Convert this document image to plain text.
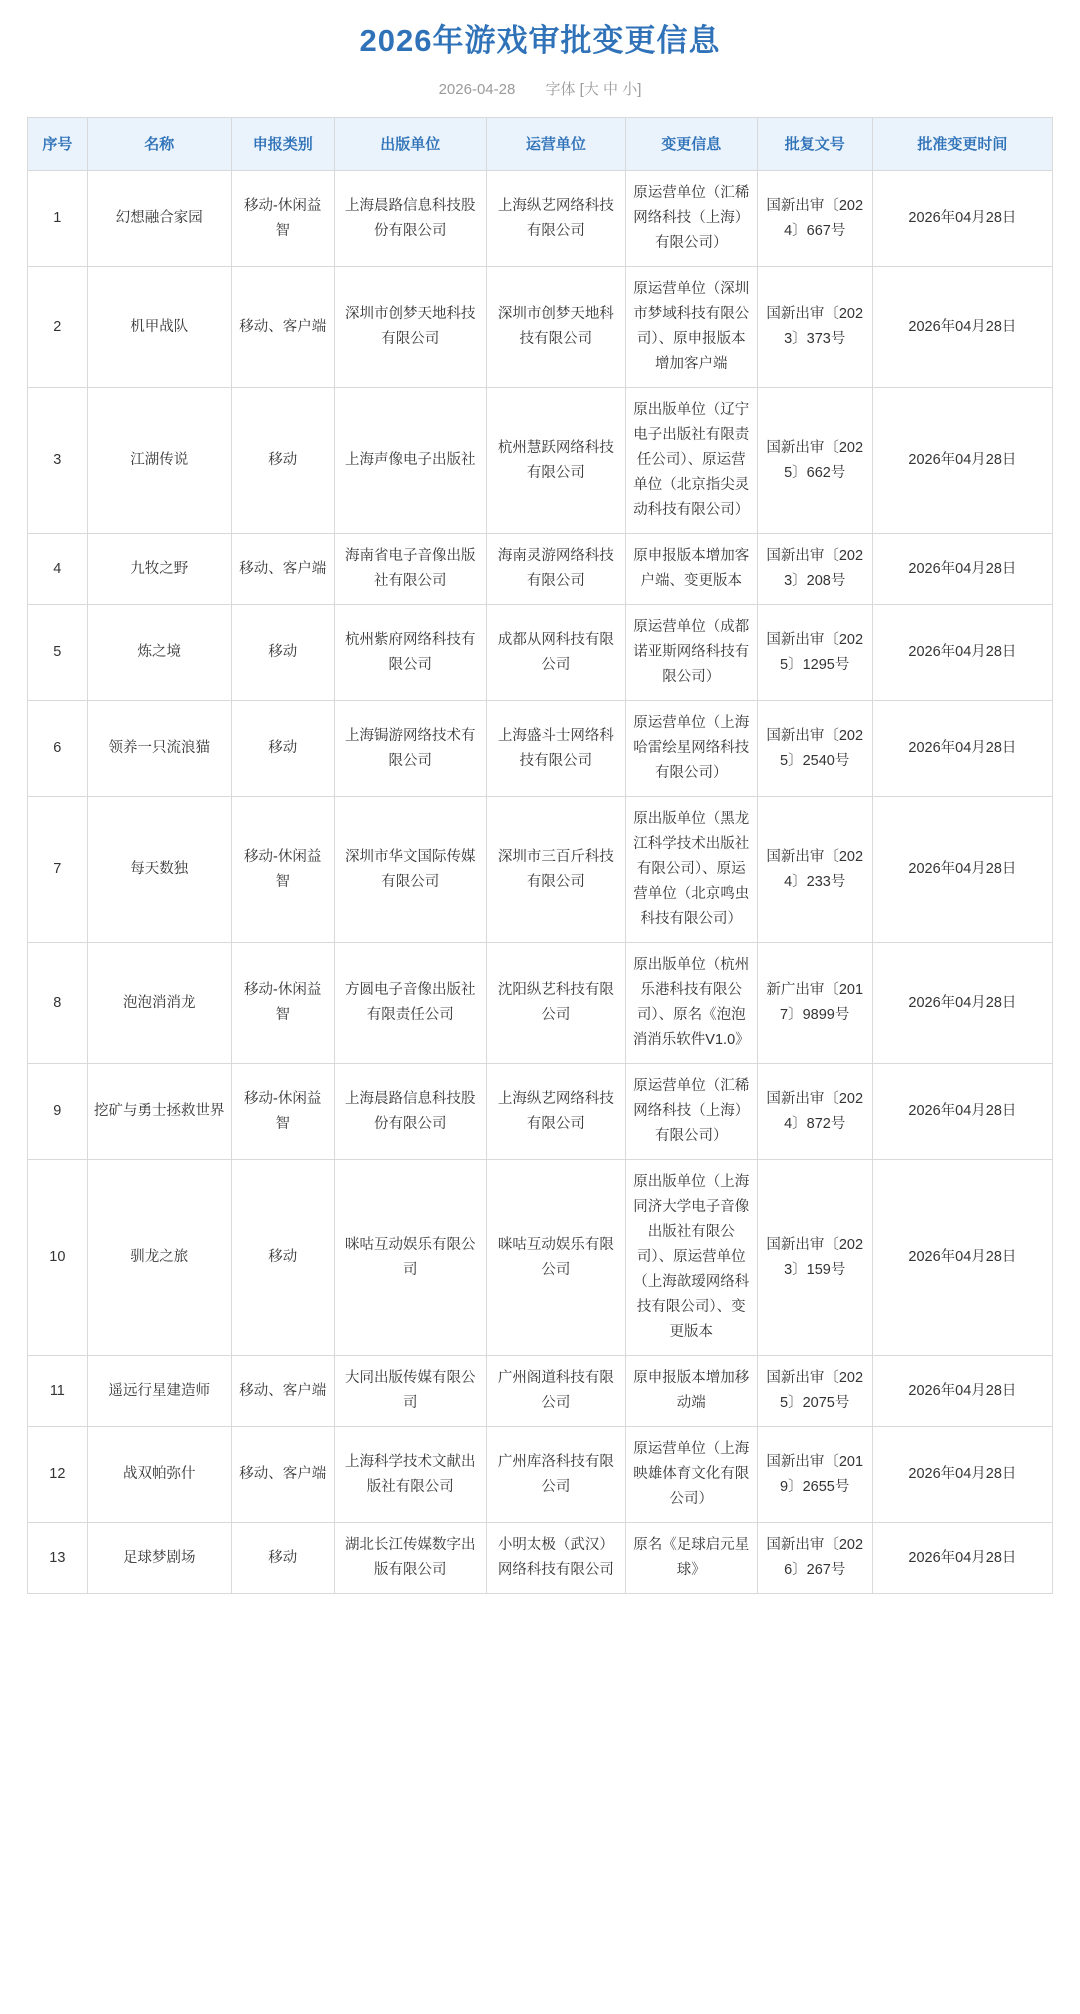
2026年游戏审批变更信息
2026-04-28 字体 [大 中 小]
序号	名称	申报类别	出版单位	运营单位	变更信息	批复文号	批准变更时间
1	幻想融合家园	移动-休闲益智	上海晨路信息科技股份有限公司	上海纵艺网络科技有限公司	原运营单位（汇稀网络科技（上海）有限公司）	国新出审〔2024〕667号	2026年04月28日
2	机甲战队	移动、客户端	深圳市创梦天地科技有限公司	深圳市创梦天地科技有限公司	原运营单位（深圳市梦域科技有限公司）、原申报版本增加客户端	国新出审〔2023〕373号	2026年04月28日
3	江湖传说	移动	上海声像电子出版社	杭州慧跃网络科技有限公司	原出版单位（辽宁电子出版社有限责任公司）、原运营单位（北京指尖灵动科技有限公司）	国新出审〔2025〕662号	2026年04月28日
4	九牧之野	移动、客户端	海南省电子音像出版社有限公司	海南灵游网络科技有限公司	原申报版本增加客户端、变更版本	国新出审〔2023〕208号	2026年04月28日
5	炼之境	移动	杭州紫府网络科技有限公司	成都从网科技有限公司	原运营单位（成都诺亚斯网络科技有限公司）	国新出审〔2025〕1295号	2026年04月28日
6	领养一只流浪猫	移动	上海锔游网络技术有限公司	上海盛斗士网络科技有限公司	原运营单位（上海哈雷绘星网络科技有限公司）	国新出审〔2025〕2540号	2026年04月28日
7	每天数独	移动-休闲益智	深圳市华文国际传媒有限公司	深圳市三百斤科技有限公司	原出版单位（黑龙江科学技术出版社有限公司）、原运营单位（北京鸣虫科技有限公司）	国新出审〔2024〕233号	2026年04月28日
8	泡泡消消龙	移动-休闲益智	方圆电子音像出版社有限责任公司	沈阳纵艺科技有限公司	原出版单位（杭州乐港科技有限公司）、原名《泡泡消消乐软件V1.0》	新广出审〔2017〕9899号	2026年04月28日
9	挖矿与勇士拯救世界	移动-休闲益智	上海晨路信息科技股份有限公司	上海纵艺网络科技有限公司	原运营单位（汇稀网络科技（上海）有限公司）	国新出审〔2024〕872号	2026年04月28日
10	驯龙之旅	移动	咪咕互动娱乐有限公司	咪咕互动娱乐有限公司	原出版单位（上海同济大学电子音像出版社有限公司）、原运营单位（上海歆瑷网络科技有限公司）、变更版本	国新出审〔2023〕159号	2026年04月28日
11	遥远行星建造师	移动、客户端	大同出版传媒有限公司	广州阁道科技有限公司	原申报版本增加移动端	国新出审〔2025〕2075号	2026年04月28日
12	战双帕弥什	移动、客户端	上海科学技术文献出版社有限公司	广州库洛科技有限公司	原运营单位（上海映雄体育文化有限公司）	国新出审〔2019〕2655号	2026年04月28日
13	足球梦剧场	移动	湖北长江传媒数字出版有限公司	小明太极（武汉）网络科技有限公司	原名《足球启元星球》	国新出审〔2026〕267号	2026年04月28日
